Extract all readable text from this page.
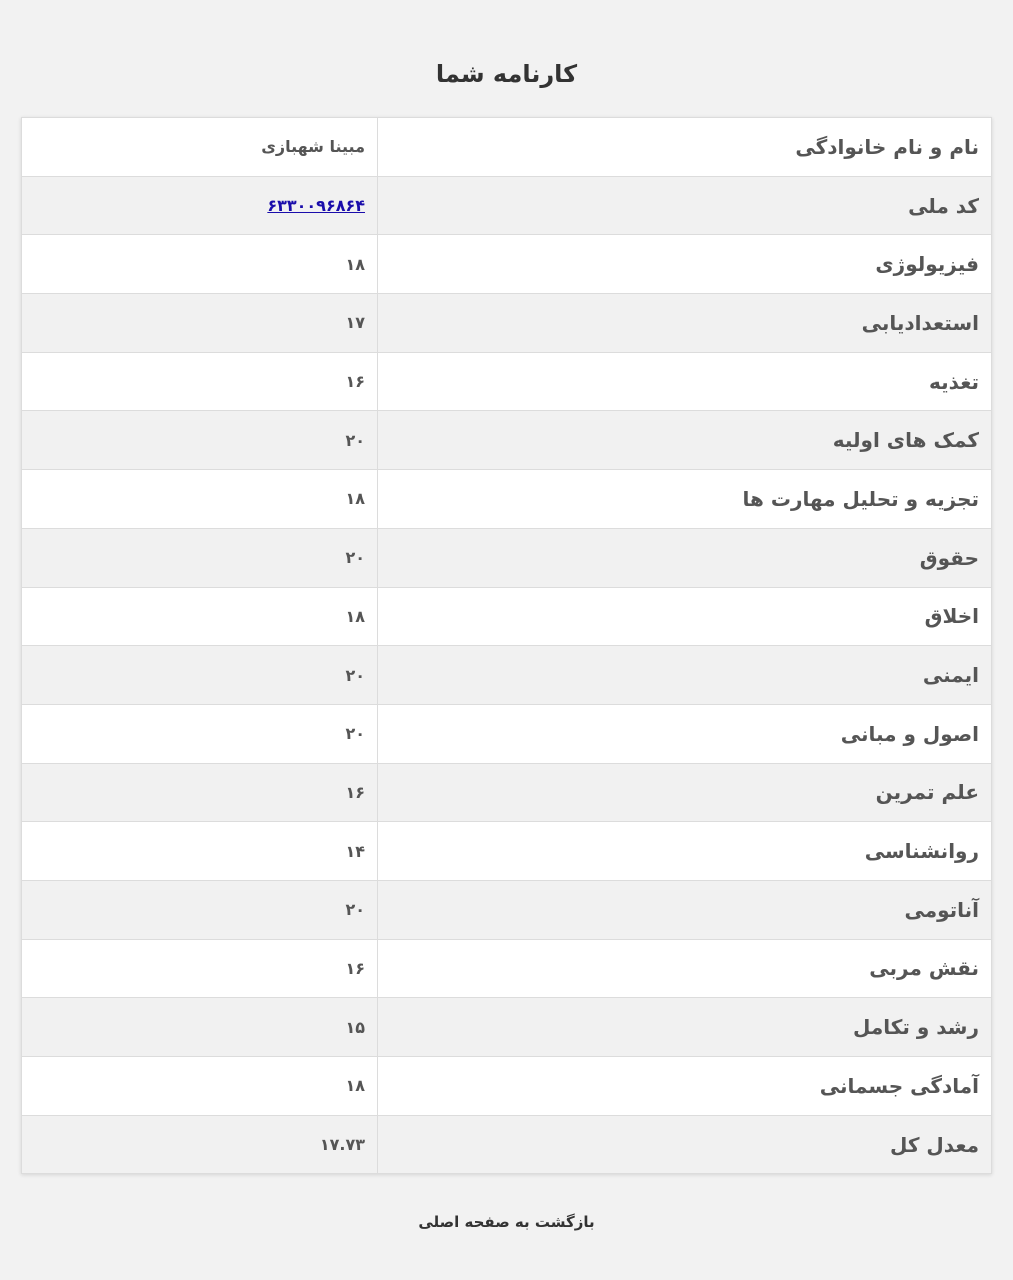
کارنامه شما
نام و نام خانوادگی	مبینا شهبازی
کد ملی	۶۳۳۰۰۹۶۸۶۴
فیزیولوژی	۱۸
استعدادیابی	۱۷
تغذیه	۱۶
کمک های اولیه	۲۰
تجزیه و تحلیل مهارت ها	۱۸
حقوق	۲۰
اخلاق	۱۸
ایمنی	۲۰
اصول و مبانی	۲۰
علم تمرین	۱۶
روانشناسی	۱۴
آناتومی	۲۰
نقش مربی	۱۶
رشد و تکامل	۱۵
آمادگی جسمانی	۱۸
معدل کل	۱۷.۷۳
بازگشت به صفحه اصلی
